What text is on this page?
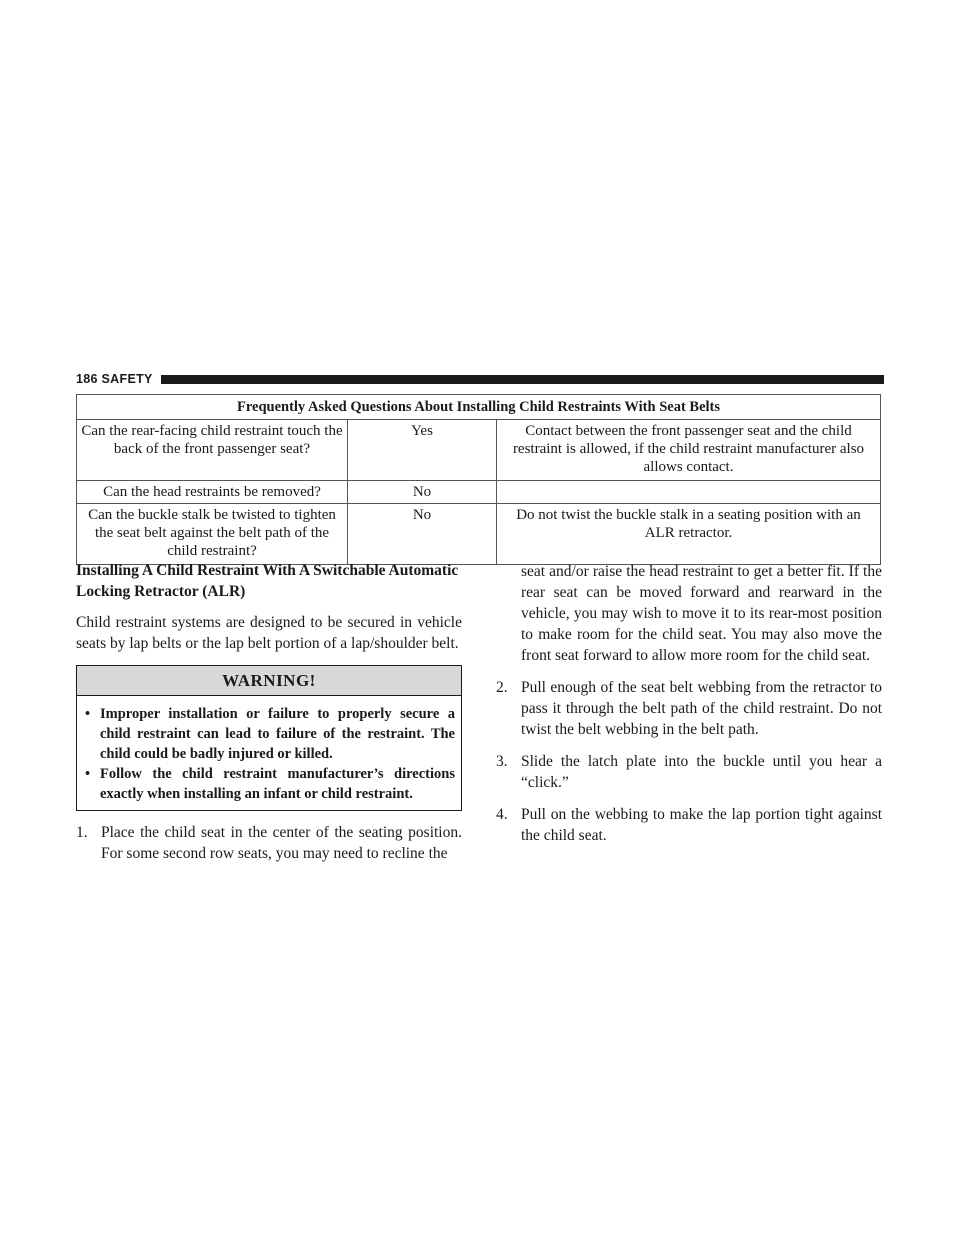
186 SAFETY
Frequently Asked Questions About Installing Child Restraints With Seat Belts		
Can the rear-facing child restraint touch the back of the front passenger seat?	Yes	Contact between the front passenger seat and the child restraint is allowed, if the child restraint manufacturer also allows contact.
Can the head restraints be removed?	No	
Can the buckle stalk be twisted to tighten the seat belt against the belt path of the child restraint?	No	Do not twist the buckle stalk in a seating position with an ALR retractor.
Installing A Child Restraint With A Switchable Automatic Locking Retractor (ALR)

Child restraint systems are designed to be secured in vehicle seats by lap belts or the lap belt portion of a lap/shoulder belt.

WARNING!
• Improper installation or failure to properly secure a child restraint can lead to failure of the restraint. The child could be badly injured or killed.
• Follow the child restraint manufacturer’s directions exactly when installing an infant or child restraint.
1. Place the child seat in the center of the seating position. For some second row seats, you may need to recline the

seat and/or raise the head restraint to get a better fit. If the rear seat can be moved forward and rearward in the vehicle, you may wish to move it to its rear-most position to make room for the child seat. You may also move the front seat forward to allow more room for the child seat.

2. Pull enough of the seat belt webbing from the retractor to pass it through the belt path of the child restraint. Do not twist the belt webbing in the belt path.
3. Slide the latch plate into the buckle until you hear a “click.”
4. Pull on the webbing to make the lap portion tight against the child seat.
